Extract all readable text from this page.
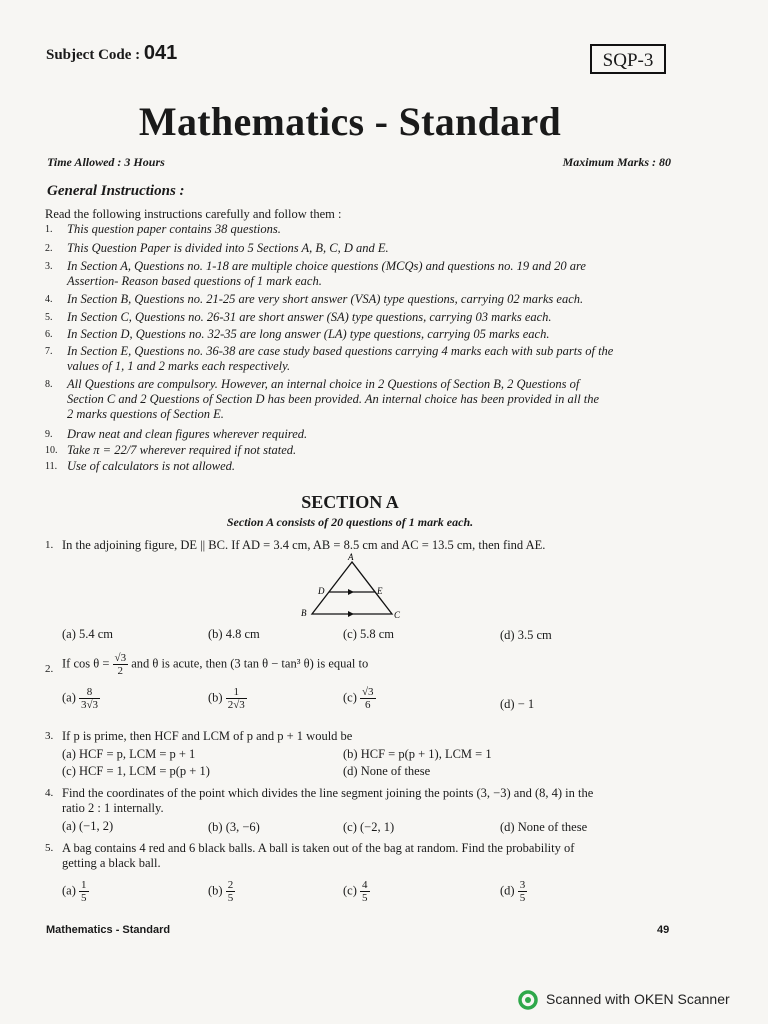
Subject Code : 041	SQP-3
Mathematics - Standard
Time Allowed : 3 Hours	Maximum Marks : 80
General Instructions :
Read the following instructions carefully and follow them :
1.	This question paper contains 38 questions.
2.	This Question Paper is divided into 5 Sections A, B, C, D and E.
3.	In Section A, Questions no. 1-18 are multiple choice questions (MCQs) and questions no. 19 and 20 are
Assertion- Reason based questions of 1 mark each.
4.	In Section B, Questions no. 21-25 are very short answer (VSA) type questions, carrying 02 marks each.
5.	In Section C, Questions no. 26-31 are short answer (SA) type questions, carrying 03 marks each.
6.	In Section D, Questions no. 32-35 are long answer (LA) type questions, carrying 05 marks each.
7.	In Section E, Questions no. 36-38 are case study based questions carrying 4 marks each with sub parts of the
values of 1, 1 and 2 marks each respectively.
8.	All Questions are compulsory. However, an internal choice in 2 Questions of Section B, 2 Questions of
Section C and 2 Questions of Section D has been provided. An internal choice has been provided in all the
2 marks questions of Section E.
9.	Draw neat and clean figures wherever required.
10. Take π = 22/7 wherever required if not stated.
11. Use of calculators is not allowed.
SECTION A
Section A consists of 20 questions of 1 mark each.
1. In the adjoining figure, DE || BC. If AD = 3.4 cm, AB = 8.5 cm and AC = 13.5 cm, then find AE.
A
D	E
B	C
(a) 5.4 cm	(b) 4.8 cm	(c) 5.8 cm	(d) 3.5 cm
2. If $\cos \theta = \frac{√3}{2}$ and θ is acute, then (3 tan θ − tan³ θ) is equal to
$(a) \frac{8}{3√3}$	$(b) \frac{1}{2√3}$	$(c) \frac{√3}{6}$	(d) − 1
3. If p is prime, then HCF and LCM of p and p + 1 would be
(a) HCF = p, LCM = p + 1	(b) HCF = p(p + 1), LCM = 1
(c) HCF = 1, LCM = p(p + 1)	(d) None of these
4. Find the coordinates of the point which divides the line segment joining the points (3, −3) and (8, 4) in the
ratio 2 : 1 internally.
(a) (−1, 2)	(b) (3, −6)	(c) (−2, 1)	(d) None of these
5. A bag contains 4 red and 6 black balls. A ball is taken out of the bag at random. Find the probability of
getting a black ball.
$(a) \frac{1}{5}$	$(b) \frac{2}{5}$	$(c) \frac{4}{5}$	$(d) \frac{3}{5}$
Mathematics - Standard	49
Scanned with OKEN Scanner
